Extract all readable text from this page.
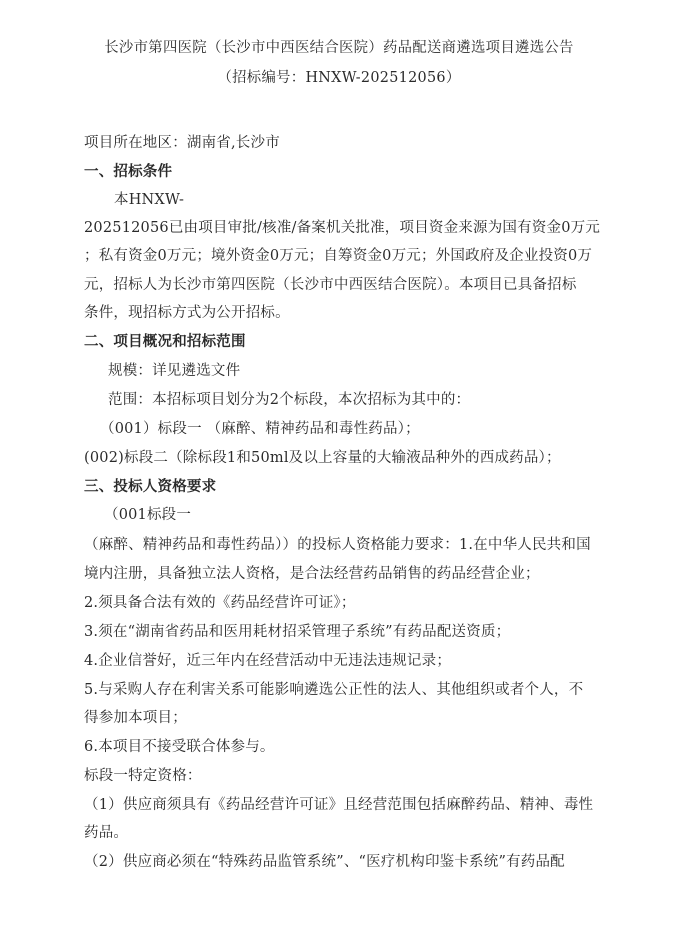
长沙市第四医院（长沙市中西医结合医院）药品配送商遴选项目遴选公告
（招标编号：HNXW-202512056）
项目所在地区：湖南省,长沙市
一、招标条件
本HNXW-
202512056已由项目审批/核准/备案机关批准，项目资金来源为国有资金0万元
；私有资金0万元；境外资金0万元；自筹资金0万元；外国政府及企业投资0万
元，招标人为长沙市第四医院（长沙市中西医结合医院）。本项目已具备招标
条件，现招标方式为公开招标。
二、项目概况和招标范围
规模：详见遴选文件
范围：本招标项目划分为2个标段，本次招标为其中的：
（001）标段一 （麻醉、精神药品和毒性药品）；
(002)标段二（除标段1和50ml及以上容量的大输液品种外的西成药品）；
三、投标人资格要求
（001标段一
（麻醉、精神药品和毒性药品））的投标人资格能力要求：1.在中华人民共和国
境内注册，具备独立法人资格，是合法经营药品销售的药品经营企业；
2.须具备合法有效的《药品经营许可证》；
3.须在“湖南省药品和医用耗材招采管理子系统”有药品配送资质；
4.企业信誉好，近三年内在经营活动中无违法违规记录；
5.与采购人存在利害关系可能影响遴选公正性的法人、其他组织或者个人，不
得参加本项目；
6.本项目不接受联合体参与。
标段一特定资格：
（1）供应商须具有《药品经营许可证》且经营范围包括麻醉药品、精神、毒性
药品。
（2）供应商必须在“特殊药品监管系统”、“医疗机构印鉴卡系统”有药品配
